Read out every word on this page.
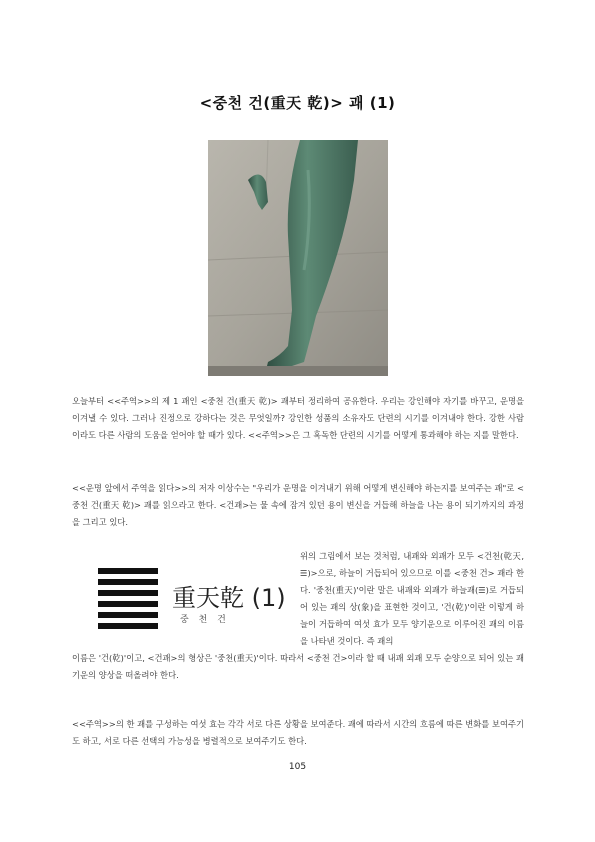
<중천 건(重天 乾)> 괘 (1)

오늘부터 <<주역>>의 제 1 괘인 <중천 건(重天 乾)> 괘부터 정리하여 공유한다. 우리는 강인해야 자기를 바꾸고, 운명을 이겨낼 수 있다. 그러나 진정으로 강하다는 것은 무엇일까? 강인한 성품의 소유자도 단련의 시기를 이겨내야 한다. 강한 사람이라도 다른 사람의 도움을 얻어야 할 때가 있다. <<주역>>은 그 혹독한 단련의 시기를 어떻게 통과해야 하는 지를 말한다.

<<운명 앞에서 주역을 읽다>>의 저자 이상수는 "우리가 운명을 이겨내기 위해 어떻게 변신해야 하는지를 보여주는 괘"로 <중천 건(重天 乾)> 괘를 읽으라고 한다. <건괘>는 물 속에 잠겨 있던 용이 변신을 거듭해 하늘을 나는 용이 되기까지의 과정을 그리고 있다.

重天乾 (1)
중 천 건

위의 그림에서 보는 것처럼, 내괘와 외괘가 모두 <건천(乾天, ☰)>으로, 하늘이 거듭되어 있으므로 이를 <중천 건> 괘라 한다. '중천(重天)'이란 말은 내괘와 외괘가 하늘괘(☰)로 거듭되어 있는 괘의 상(象)을 표현한 것이고, '건(乾)'이란 이렇게 하늘이 거듭하여 여섯 효가 모두 양기운으로 이루어진 괘의 이름을 나타낸 것이다. 즉 괘의

이름은 '건(乾)'이고, <건괘>의 형상은 '중천(重天)'이다. 따라서 <중천 건>이라 할 때 내괘 외괘 모두 순양으로 되어 있는 괘 기운의 양상을 떠올려야 한다.

<<주역>>의 한 괘를 구성하는 여섯 효는 각각 서로 다른 상황을 보여준다. 괘에 따라서 시간의 흐름에 따른 변화를 보여주기도 하고, 서로 다른 선택의 가능성을 병렬적으로 보여주기도 한다.

105
